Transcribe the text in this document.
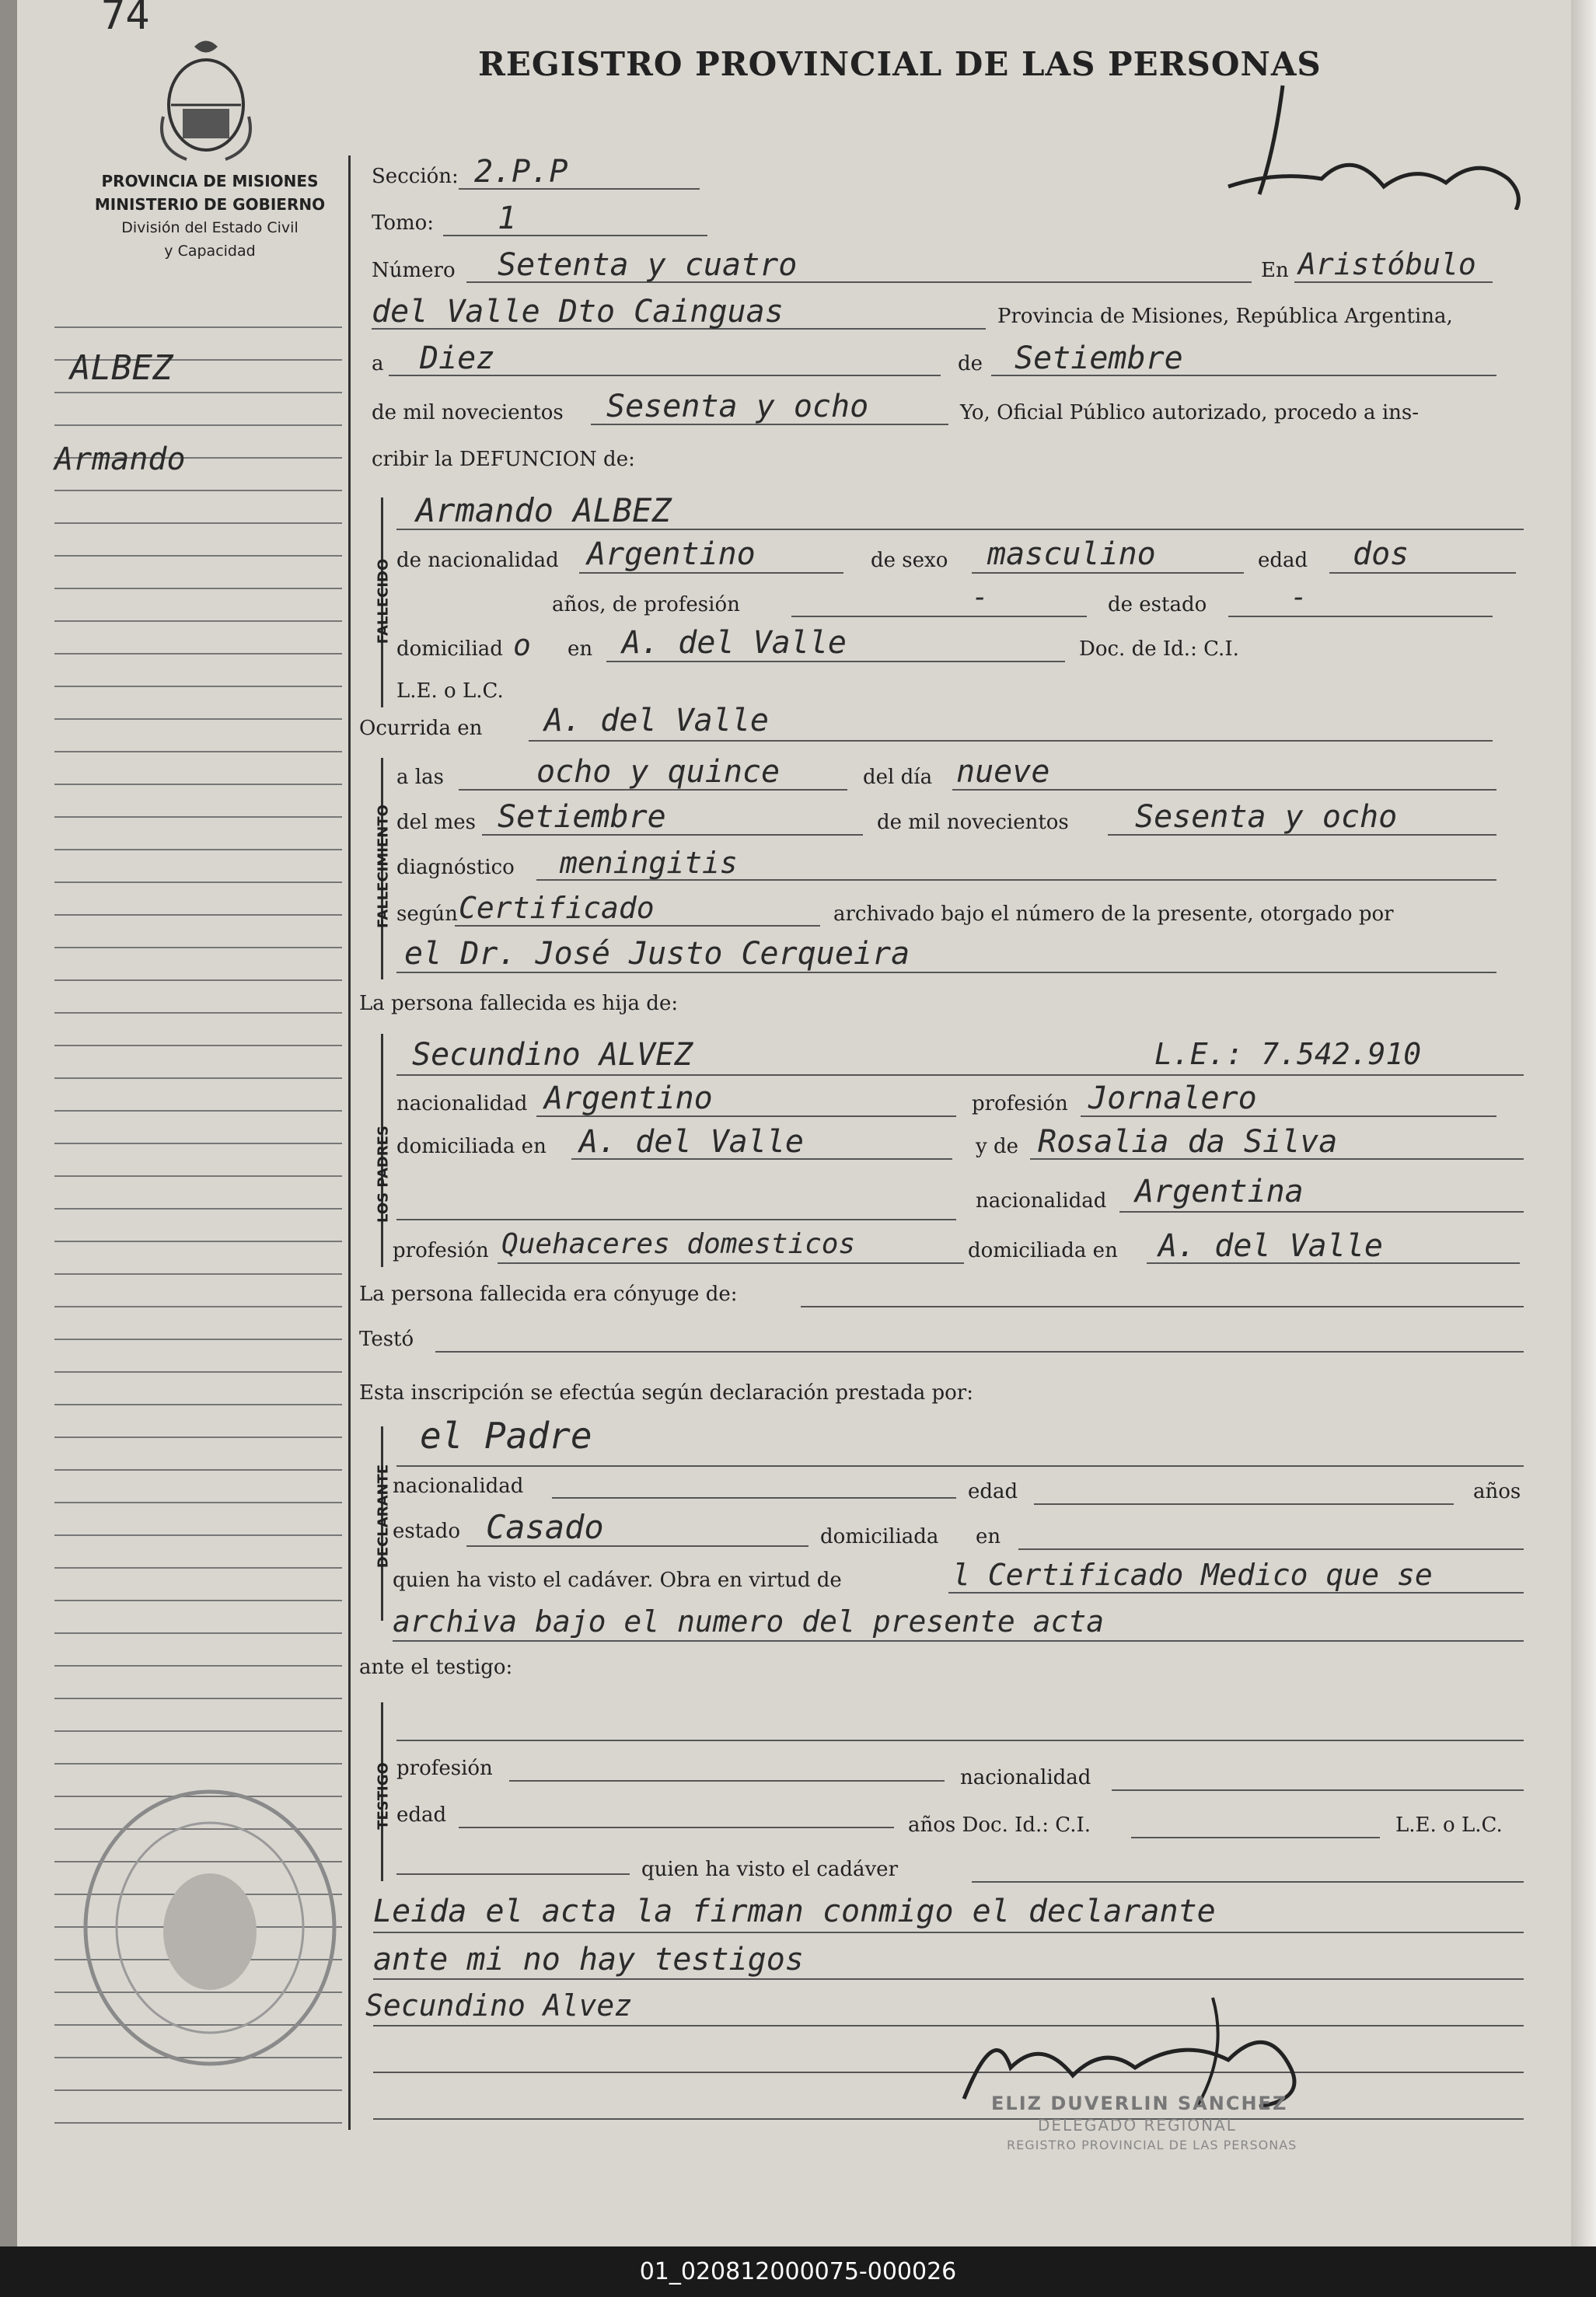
74
PROVINCIA DE MISIONES
MINISTERIO DE GOBIERNO
División del Estado Civil
y Capacidad
REGISTRO PROVINCIAL DE LAS PERSONAS
ALBEZ
Armando
Sección: 2.P.P
Tomo: 1
Número Setenta y cuatro	En Aristóbulo
del Valle Dto Cainguas	Provincia de Misiones, República Argentina,
a Diez	de Setiembre
de mil novecientos Sesenta y ocho	Yo, Oficial Público autorizado, procedo a ins-
cribir la DEFUNCION de:
FALLECIDO
Armando ALBEZ
de nacionalidad Argentino	de sexo masculino	edad dos
años, de profesión	-	de estado	-
domiciliad o en A. del Valle	Doc. de Id.: C.I.
L.E. o L.C.
Ocurrida en A. del Valle
FALLECIMIENTO
a las	ocho y quince	del día nueve
del mes Setiembre	de mil novecientos Sesenta y ocho
diagnóstico meningitis
según Certificado	archivado bajo el número de la presente, otorgado por
el Dr. José Justo Cerqueira
La persona fallecida es hija de:
LOS PADRES
Secundino ALVEZ	L.E.: 7.542.910
nacionalidad Argentino	profesión Jornalero
domiciliada en A. del Valle	y de Rosalia da Silva
nacionalidad Argentina
profesión Quehaceres domesticos	domiciliada en A. del Valle
La persona fallecida era cónyuge de:
Testó
Esta inscripción se efectúa según declaración prestada por:
DECLARANTE
el Padre
nacionalidad	edad	años
estado Casado	domiciliada en
quien ha visto el cadáver. Obra en virtud de	l Certificado Medico que se
archiva bajo el numero del presente acta
ante el testigo:
TESTIGO profesión	nacionalidad
edad	años Doc. Id.: C.I.	L.E. o L.C.
quien ha visto el cadáver
Leida el acta la firman conmigo el declarante
ante mi no hay testigos
Secundino Alvez
ELIZ DUVERLIN SANCHEZ
DELEGADO REGIONAL
REGISTRO PROVINCIAL DE LAS PERSONAS
01_020812000075-000026
